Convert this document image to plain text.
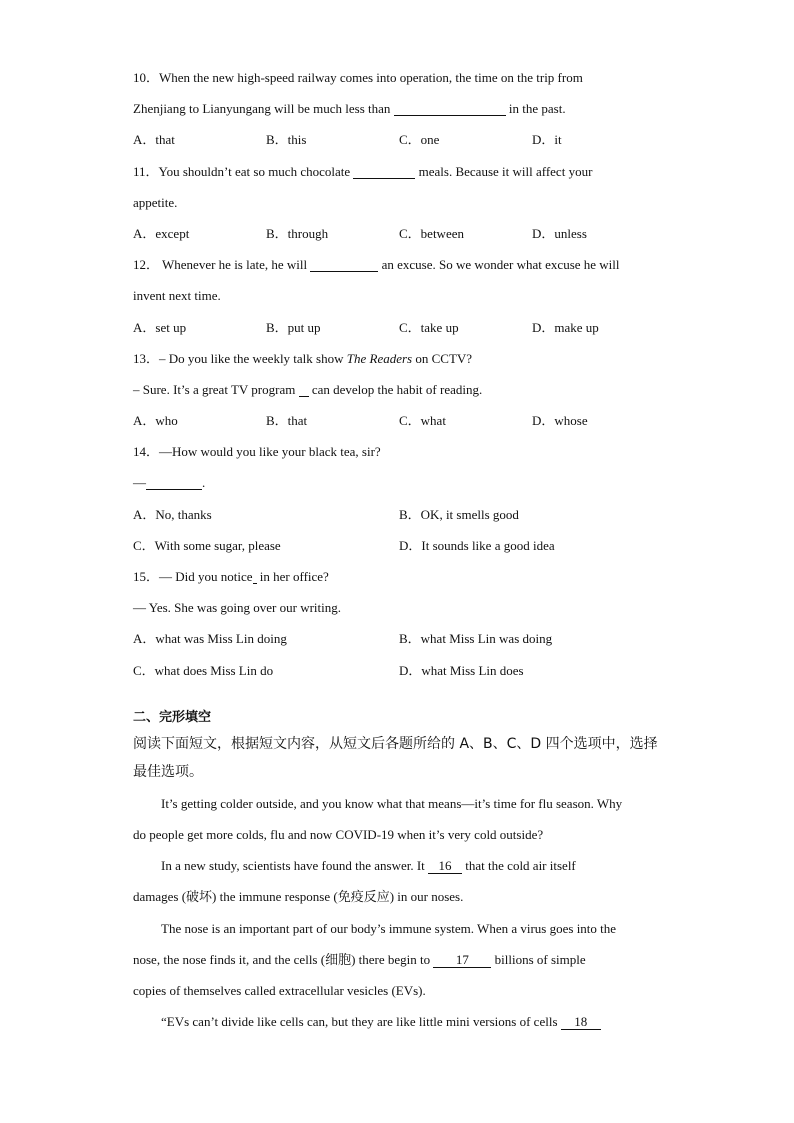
10．When the new high-speed railway comes into operation, the time on the trip from
Zhenjiang to Lianyungang will be much less than	in the past.
A．that	B．this	C．one	D．it
11．You shouldn’t eat so much chocolate	meals. Because it will affect your
appetite.
A．except	B．through	C．between	D．unless
12． Whenever he is late, he will	an excuse. So we wonder what excuse he will
invent next time.
A．set up	B．put up	C．take up	D．make up
13．– Do you like the weekly talk show The Readers on CCTV?
– Sure. It’s a great TV program  can develop the habit of reading.
A．who	B．that	C．what	D．whose
14．—How would you like your black tea, sir?
—	.
A．No, thanks	B．OK, it smells good
C．With some sugar, please	D．It sounds like a good idea
15．— Did you notice in her office?
— Yes. She was going over our writing.
A．what was Miss Lin doing	B．what Miss Lin was doing
C．what does Miss Lin do	D．what Miss Lin does
二、完形填空
阅读下面短文，根据短文内容，从短文后各题所给的 A、B、C、D 四个选项中，选择
最佳选项。
It’s getting colder outside, and you know what that means—it’s time for flu season. Why
do people get more colds, flu and now COVID-19 when it’s very cold outside?
In a new study, scientists have found the answer. It 16 that the cold air itself
damages (破坏) the immune response (免疫反应) in our noses.
The nose is an important part of our body’s immune system. When a virus goes into the
nose, the nose finds it, and the cells (细胞) there begin to 17 billions of simple
copies of themselves called extracellular vesicles (EVs).
“EVs can’t divide like cells can, but they are like little mini versions of cells 18
